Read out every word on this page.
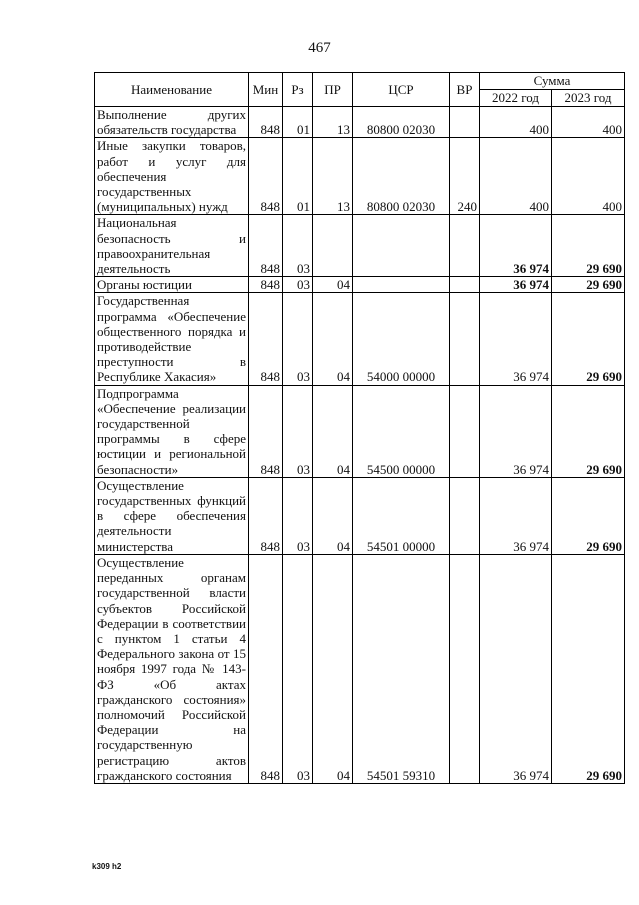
467
Наименование	Мин	Рз	ПР	ЦСР	ВР	Сумма	
						2022 год	2023 год
Выполнение других обязательств государства	848	01	13	80800 02030		400	400
Иные закупки товаров, работ и услуг для обеспечения государственных (муниципальных) нужд	848	01	13	80800 02030	240	400	400
Национальная безопасность и правоохранительная деятельность	848	03				36 974	29 690
Органы юстиции	848	03	04			36 974	29 690
Государственная программа «Обеспечение общественного порядка и противодействие преступности в Республике Хакасия»	848	03	04	54000 00000		36 974	29 690
Подпрограмма «Обеспечение реализации государственной программы в сфере юстиции и региональной безопасности»	848	03	04	54500 00000		36 974	29 690
Осуществление государственных функций в сфере обеспечения деятельности министерства	848	03	04	54501 00000		36 974	29 690
Осуществление переданных органам государственной власти субъектов Российской Федерации в соответствии с пунктом 1 статьи 4 Федерального закона от 15 ноября 1997 года № 143-ФЗ «Об актах гражданского состояния» полномочий Российской Федерации на государственную регистрацию актов гражданского состояния	848	03	04	54501 59310		36 974	29 690
k309 h2
